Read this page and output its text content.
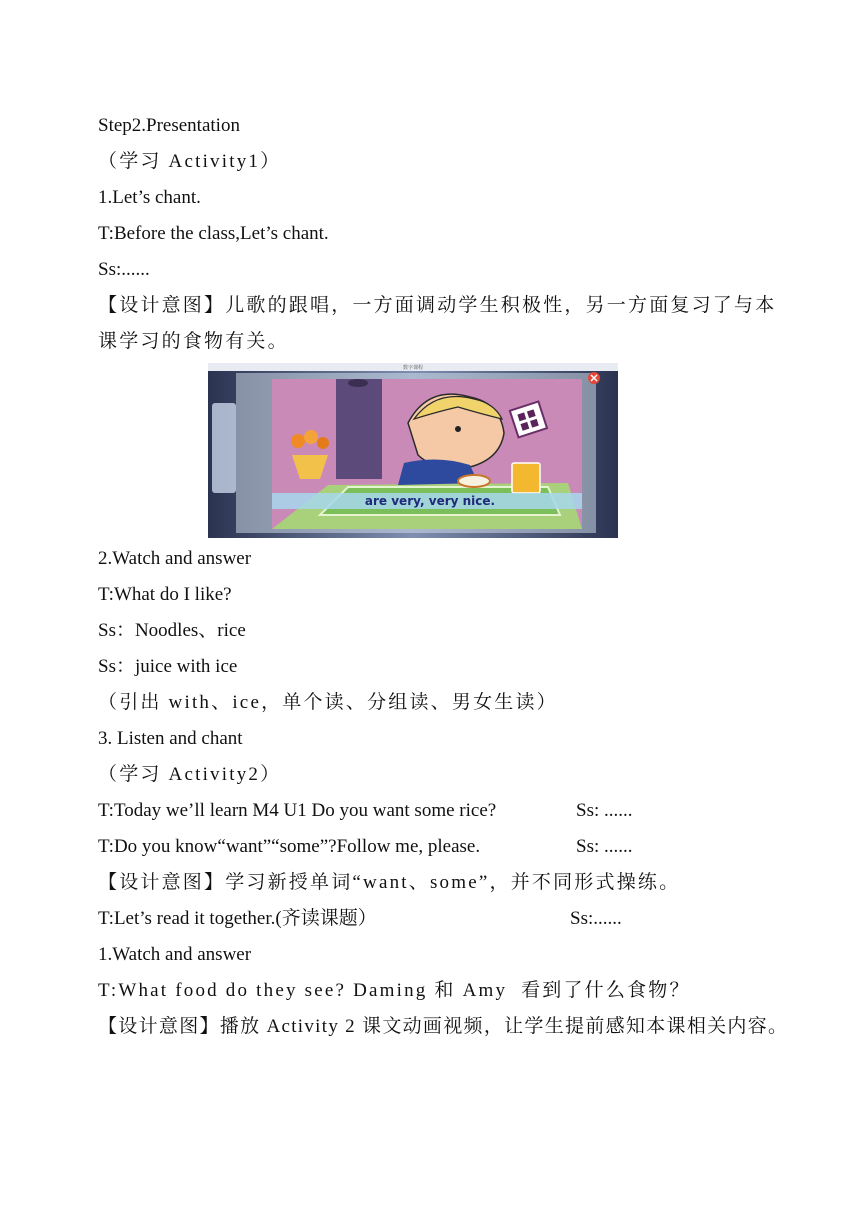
Step2.Presentation
（学习 Activity1）
1.Let’s chant.
T:Before the class,Let’s chant.
Ss:......
【设计意图】儿歌的跟唱，一方面调动学生积极性，另一方面复习了与本
课学习的食物有关。
数字课程
are very, very nice.
2.Watch and answer
T:What do I like?
Ss：Noodles、rice
Ss：juice with ice
（引出 with、ice，单个读、分组读、男女生读）
3. Listen and chant
（学习 Activity2）
T:Today we’ll learn M4 U1 Do you want some rice?	Ss: ......
T:Do you know“want”“some”?Follow me, please.	Ss: ......
【设计意图】学习新授单词“want、some”，并不同形式操练。
T:Let’s read it together.(齐读课题）	Ss:......
1.Watch and answer
T:What food do they see? Daming 和 Amy  看到了什么食物？
【设计意图】播放 Activity 2 课文动画视频，让学生提前感知本课相关内容。
